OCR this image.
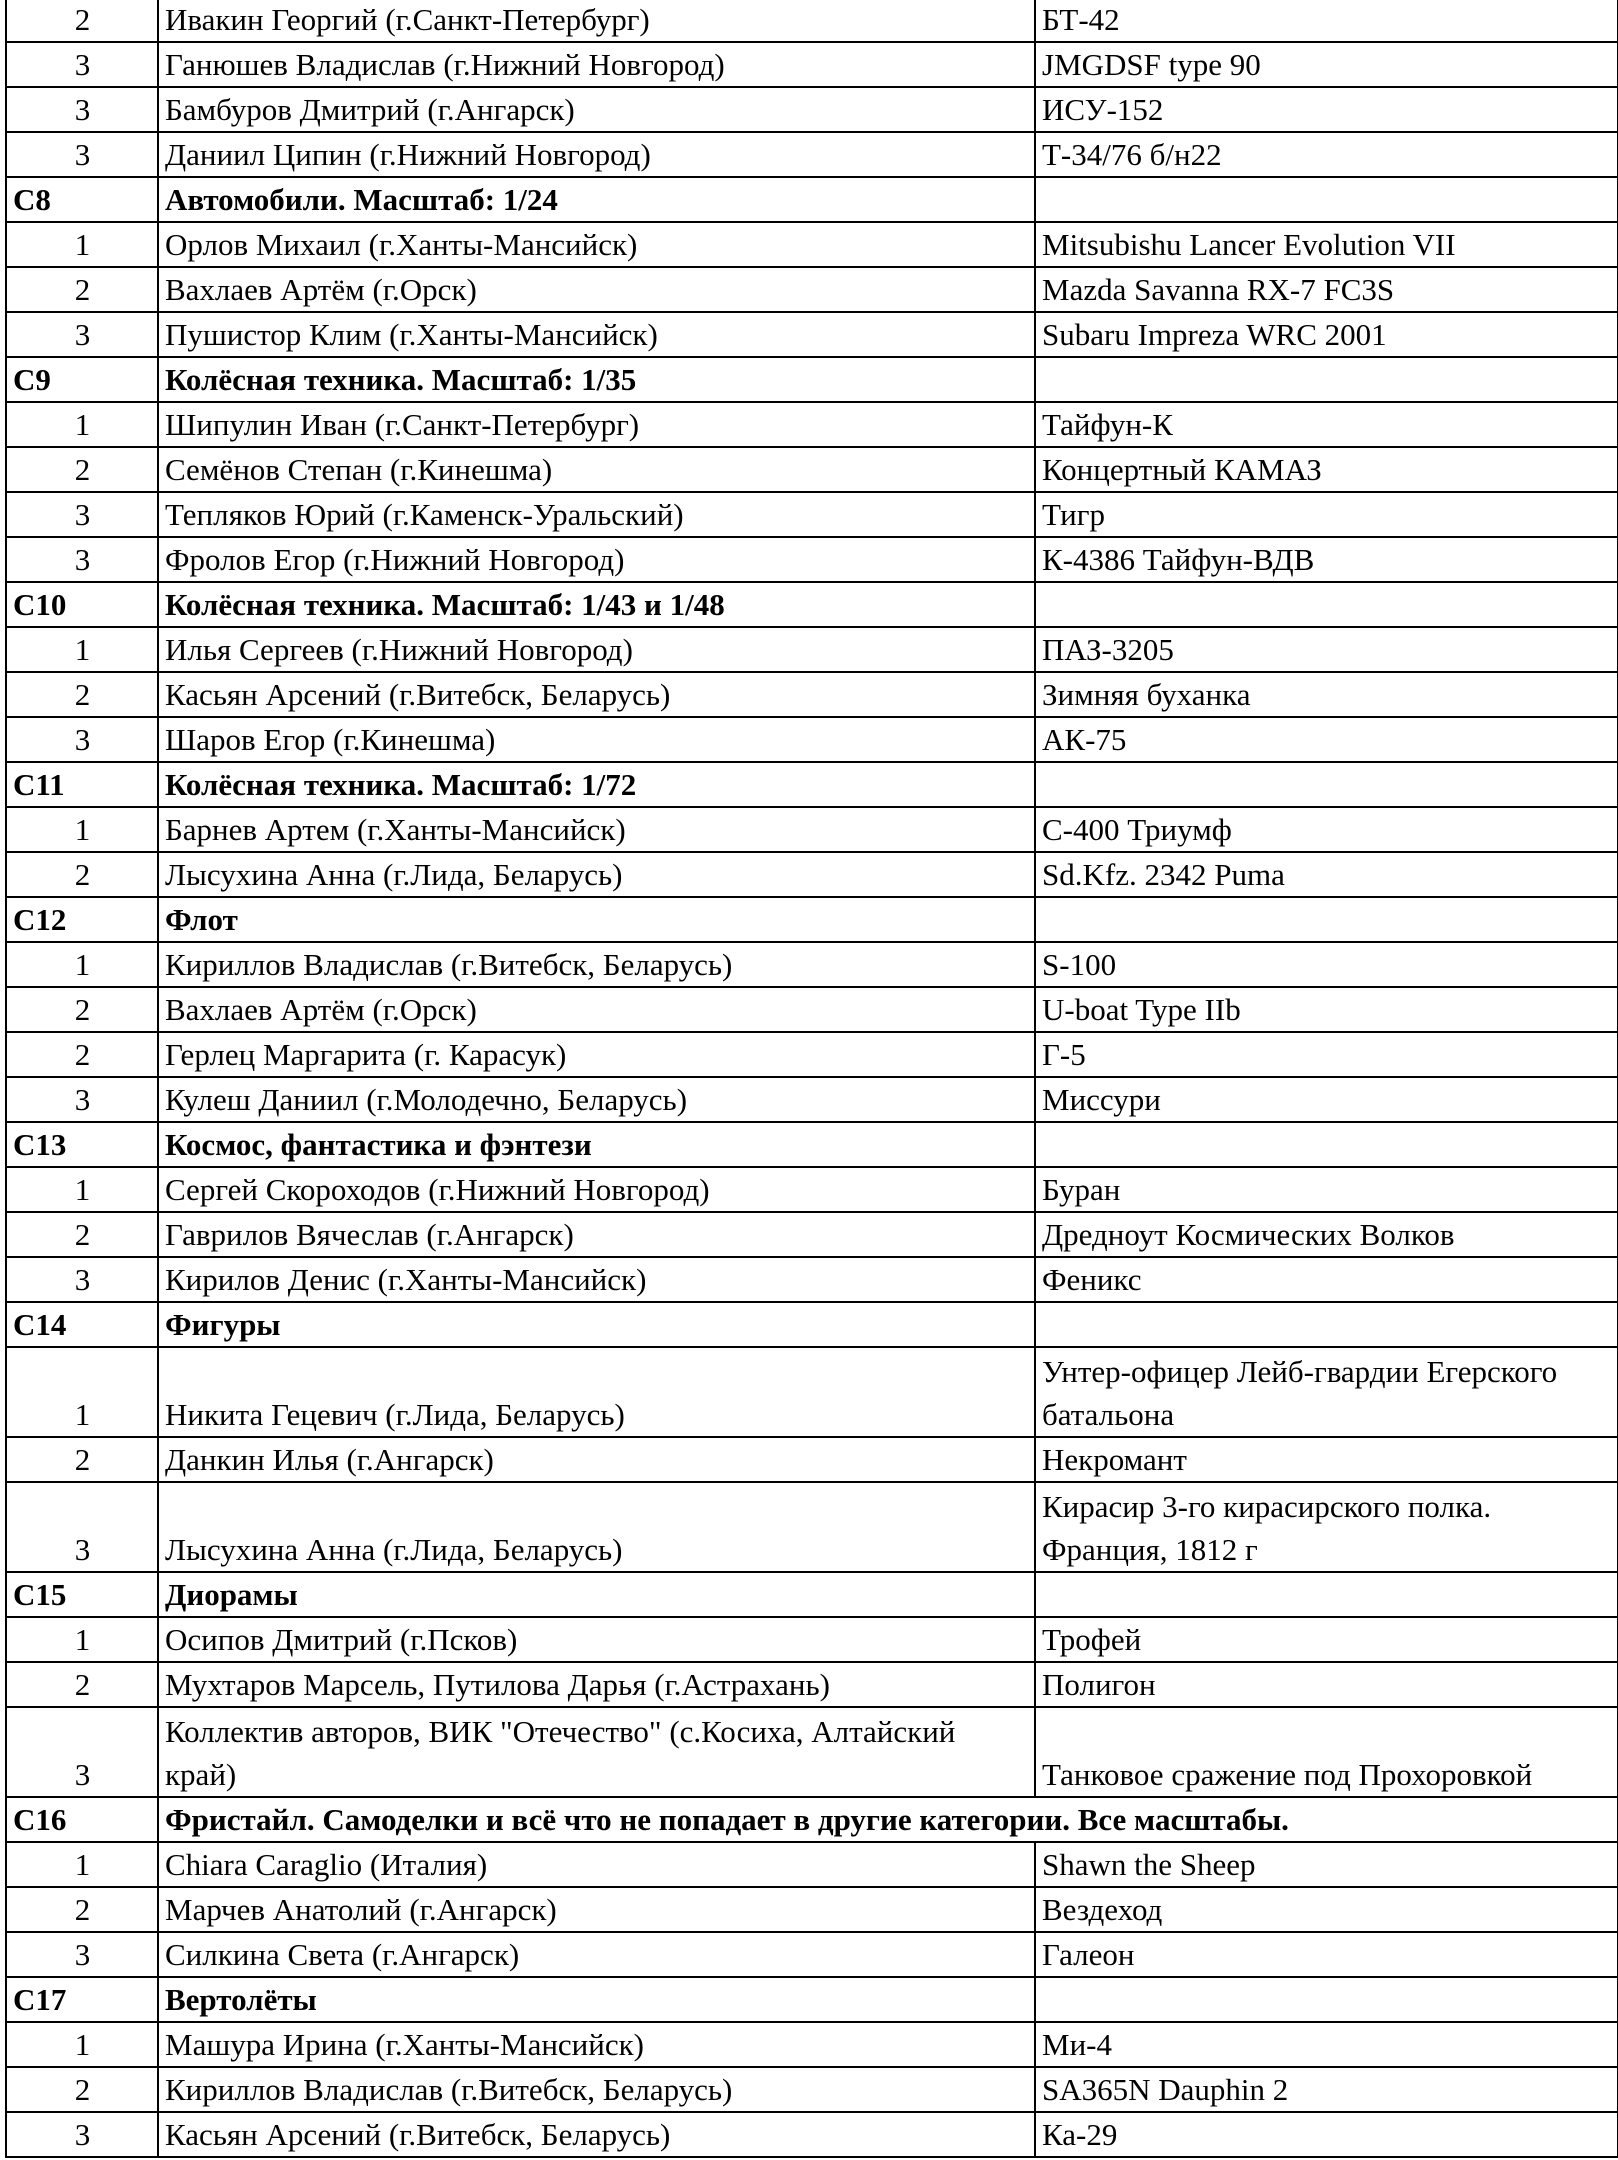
2	Ивакин Георгий (г.Санкт-Петербург)	БТ-42
3	Ганюшев Владислав (г.Нижний Новгород)	JMGDSF type 90
3	Бамбуров Дмитрий (г.Ангарск)	ИСУ-152
3	Даниил Ципин (г.Нижний Новгород)	Т-34/76 б/н22
C8	Автомобили. Масштаб: 1/24	
1	Орлов Михаил (г.Ханты-Мансийск)	Mitsubishu Lancer Evolution VII
2	Вахлаев Артём (г.Орск)	Mazda Savanna RX-7 FC3S
3	Пушистор Клим (г.Ханты-Мансийск)	Subaru Impreza WRC 2001
C9	Колёсная техника. Масштаб: 1/35	
1	Шипулин Иван (г.Санкт-Петербург)	Тайфун-К
2	Семёнов Степан (г.Кинешма)	Концертный КАМАЗ
3	Тепляков Юрий (г.Каменск-Уральский)	Тигр
3	Фролов Егор (г.Нижний Новгород)	К-4386 Тайфун-ВДВ
C10	Колёсная техника. Масштаб: 1/43 и 1/48	
1	Илья Сергеев (г.Нижний Новгород)	ПАЗ-3205
2	Касьян Арсений (г.Витебск, Беларусь)	Зимняя буханка
3	Шаров Егор (г.Кинешма)	АК-75
C11	Колёсная техника. Масштаб: 1/72	
1	Барнев Артем (г.Ханты-Мансийск)	С-400 Триумф
2	Лысухина Анна (г.Лида, Беларусь)	Sd.Kfz. 2342 Puma
C12	Флот	
1	Кириллов Владислав (г.Витебск, Беларусь)	S-100
2	Вахлаев Артём (г.Орск)	U-boat Type IIb
2	Герлец Маргарита (г. Карасук)	Г-5
3	Кулеш Даниил (г.Молодечно, Беларусь)	Миссури
C13	Космос, фантастика и фэнтези	
1	Сергей Скороходов (г.Нижний Новгород)	Буран
2	Гаврилов Вячеслав (г.Ангарск)	Дредноут Космических Волков
3	Кирилов Денис (г.Ханты-Мансийск)	Феникс
C14	Фигуры	
1	Никита Гецевич (г.Лида, Беларусь)	Унтер-офицер Лейб-гвардии Егерского батальона
2	Данкин Илья (г.Ангарск)	Некромант
3	Лысухина Анна (г.Лида, Беларусь)	Кирасир 3-го кирасирского полка. Франция, 1812 г
C15	Диорамы	
1	Осипов Дмитрий (г.Псков)	Трофей
2	Мухтаров Марсель, Путилова Дарья (г.Астрахань)	Полигон
3	Коллектив авторов, ВИК "Отечество" (с.Косиха, Алтайский край)	Танковое сражение под Прохоровкой
C16	Фристайл. Самоделки и всё что не попадает в другие категории. Все масштабы.	
1	Chiara Caraglio (Италия)	Shawn the Sheep
2	Марчев Анатолий (г.Ангарск)	Вездеход
3	Силкина Света (г.Ангарск)	Галеон
C17	Вертолёты	
1	Машура Ирина (г.Ханты-Мансийск)	Ми-4
2	Кириллов Владислав (г.Витебск, Беларусь)	SA365N Dauphin 2
3	Касьян Арсений (г.Витебск, Беларусь)	Ка-29
